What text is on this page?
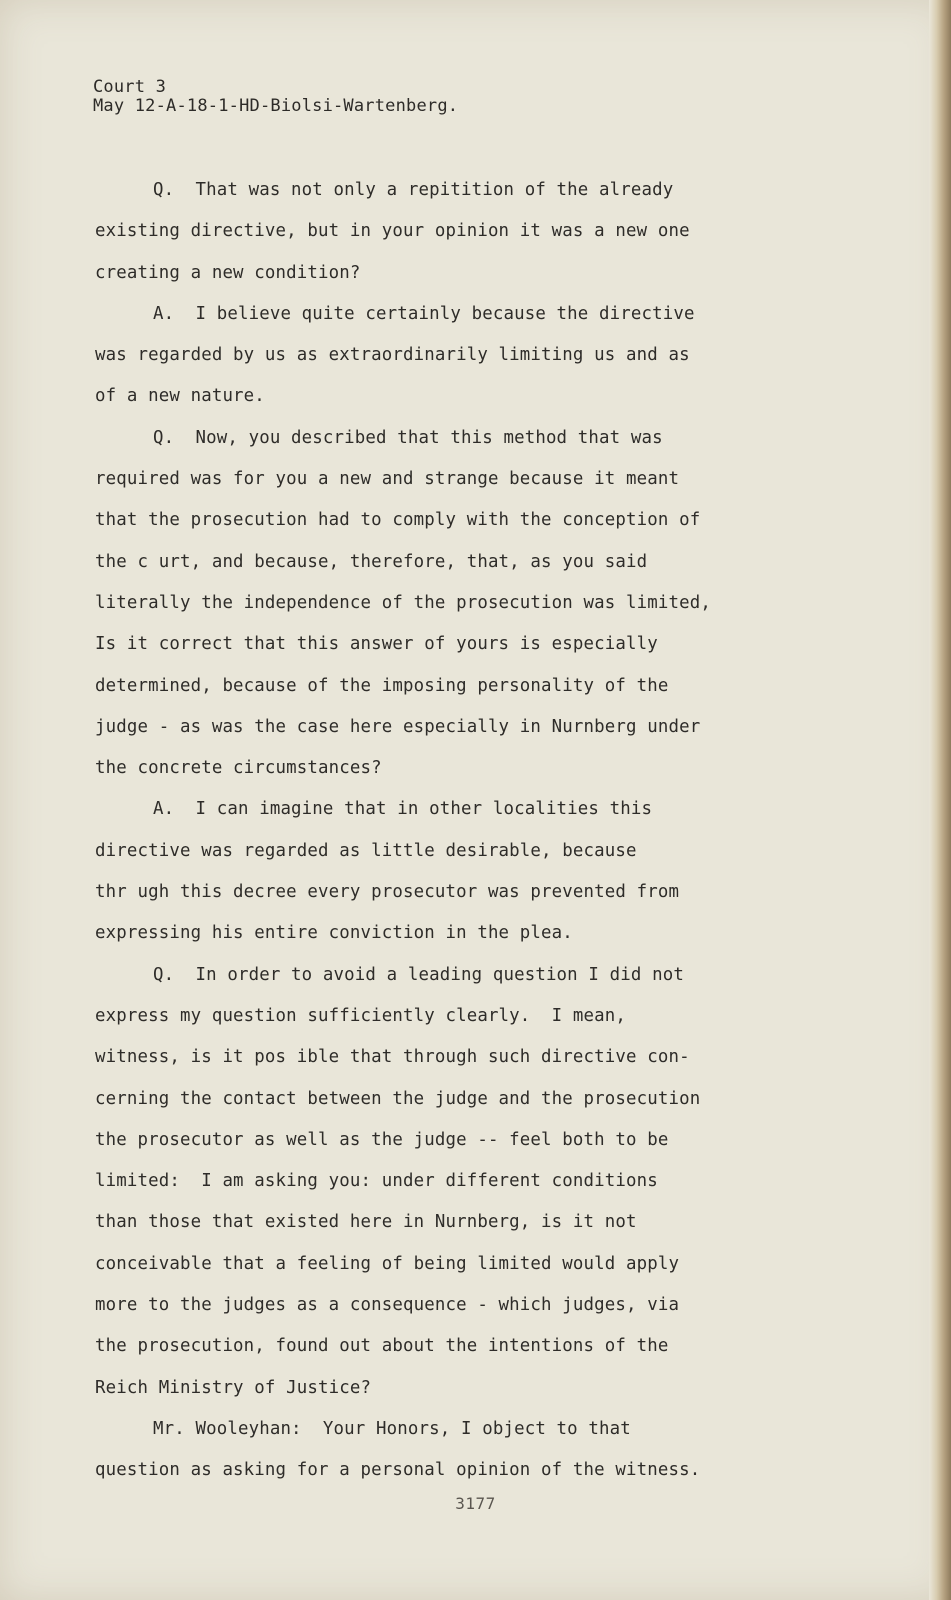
Court 3
May 12-A-18-1-HD-Biolsi-Wartenberg.
Q.  That was not only a repitition of the already
existing directive, but in your opinion it was a new one
creating a new condition?
A.  I believe quite certainly because the directive
was regarded by us as extraordinarily limiting us and as
of a new nature.
Q.  Now, you described that this method that was
required was for you a new and strange because it meant
that the prosecution had to comply with the conception of
the c urt, and because, therefore, that, as you said
literally the independence of the prosecution was limited,
Is it correct that this answer of yours is especially
determined, because of the imposing personality of the
judge - as was the case here especially in Nurnberg under
the concrete circumstances?
A.  I can imagine that in other localities this
directive was regarded as little desirable, because
thr ugh this decree every prosecutor was prevented from
expressing his entire conviction in the plea.
Q.  In order to avoid a leading question I did not
express my question sufficiently clearly.  I mean,
witness, is it pos ible that through such directive con-
cerning the contact between the judge and the prosecution
the prosecutor as well as the judge -- feel both to be
limited:  I am asking you: under different conditions
than those that existed here in Nurnberg, is it not
conceivable that a feeling of being limited would apply
more to the judges as a consequence - which judges, via
the prosecution, found out about the intentions of the
Reich Ministry of Justice?
Mr. Wooleyhan:  Your Honors, I object to that
question as asking for a personal opinion of the witness.
3177
